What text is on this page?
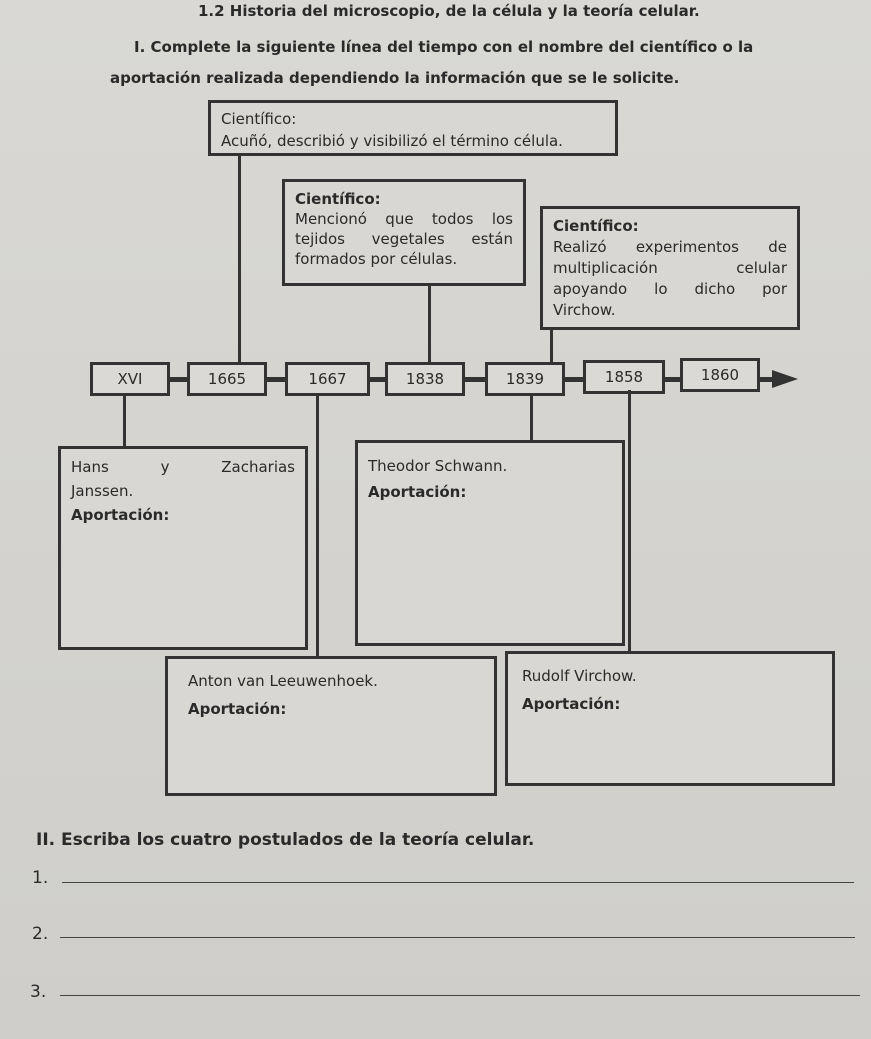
1.2 Historia del microscopio, de la célula y la teoría celular.
I. Complete la siguiente línea del tiempo con el nombre del científico o la
aportación realizada dependiendo la información que se le solicite.
Científico:
Acuñó, describió y visibilizó el término célula.
Científico:
Mencionó que todos los
tejidos vegetales están
formados por células.
Científico:
Realizó experimentos de
multiplicación celular
apoyando lo dicho por
Virchow.
XVI	1665	1667	1838	1839	1858	1860
Hans y Zacharias
Janssen.
Aportación:
Theodor Schwann.
Aportación:
Anton van Leeuwenhoek.
Aportación:
Rudolf Virchow.
Aportación:
II. Escriba los cuatro postulados de la teoría celular.
1.
2.
3.
